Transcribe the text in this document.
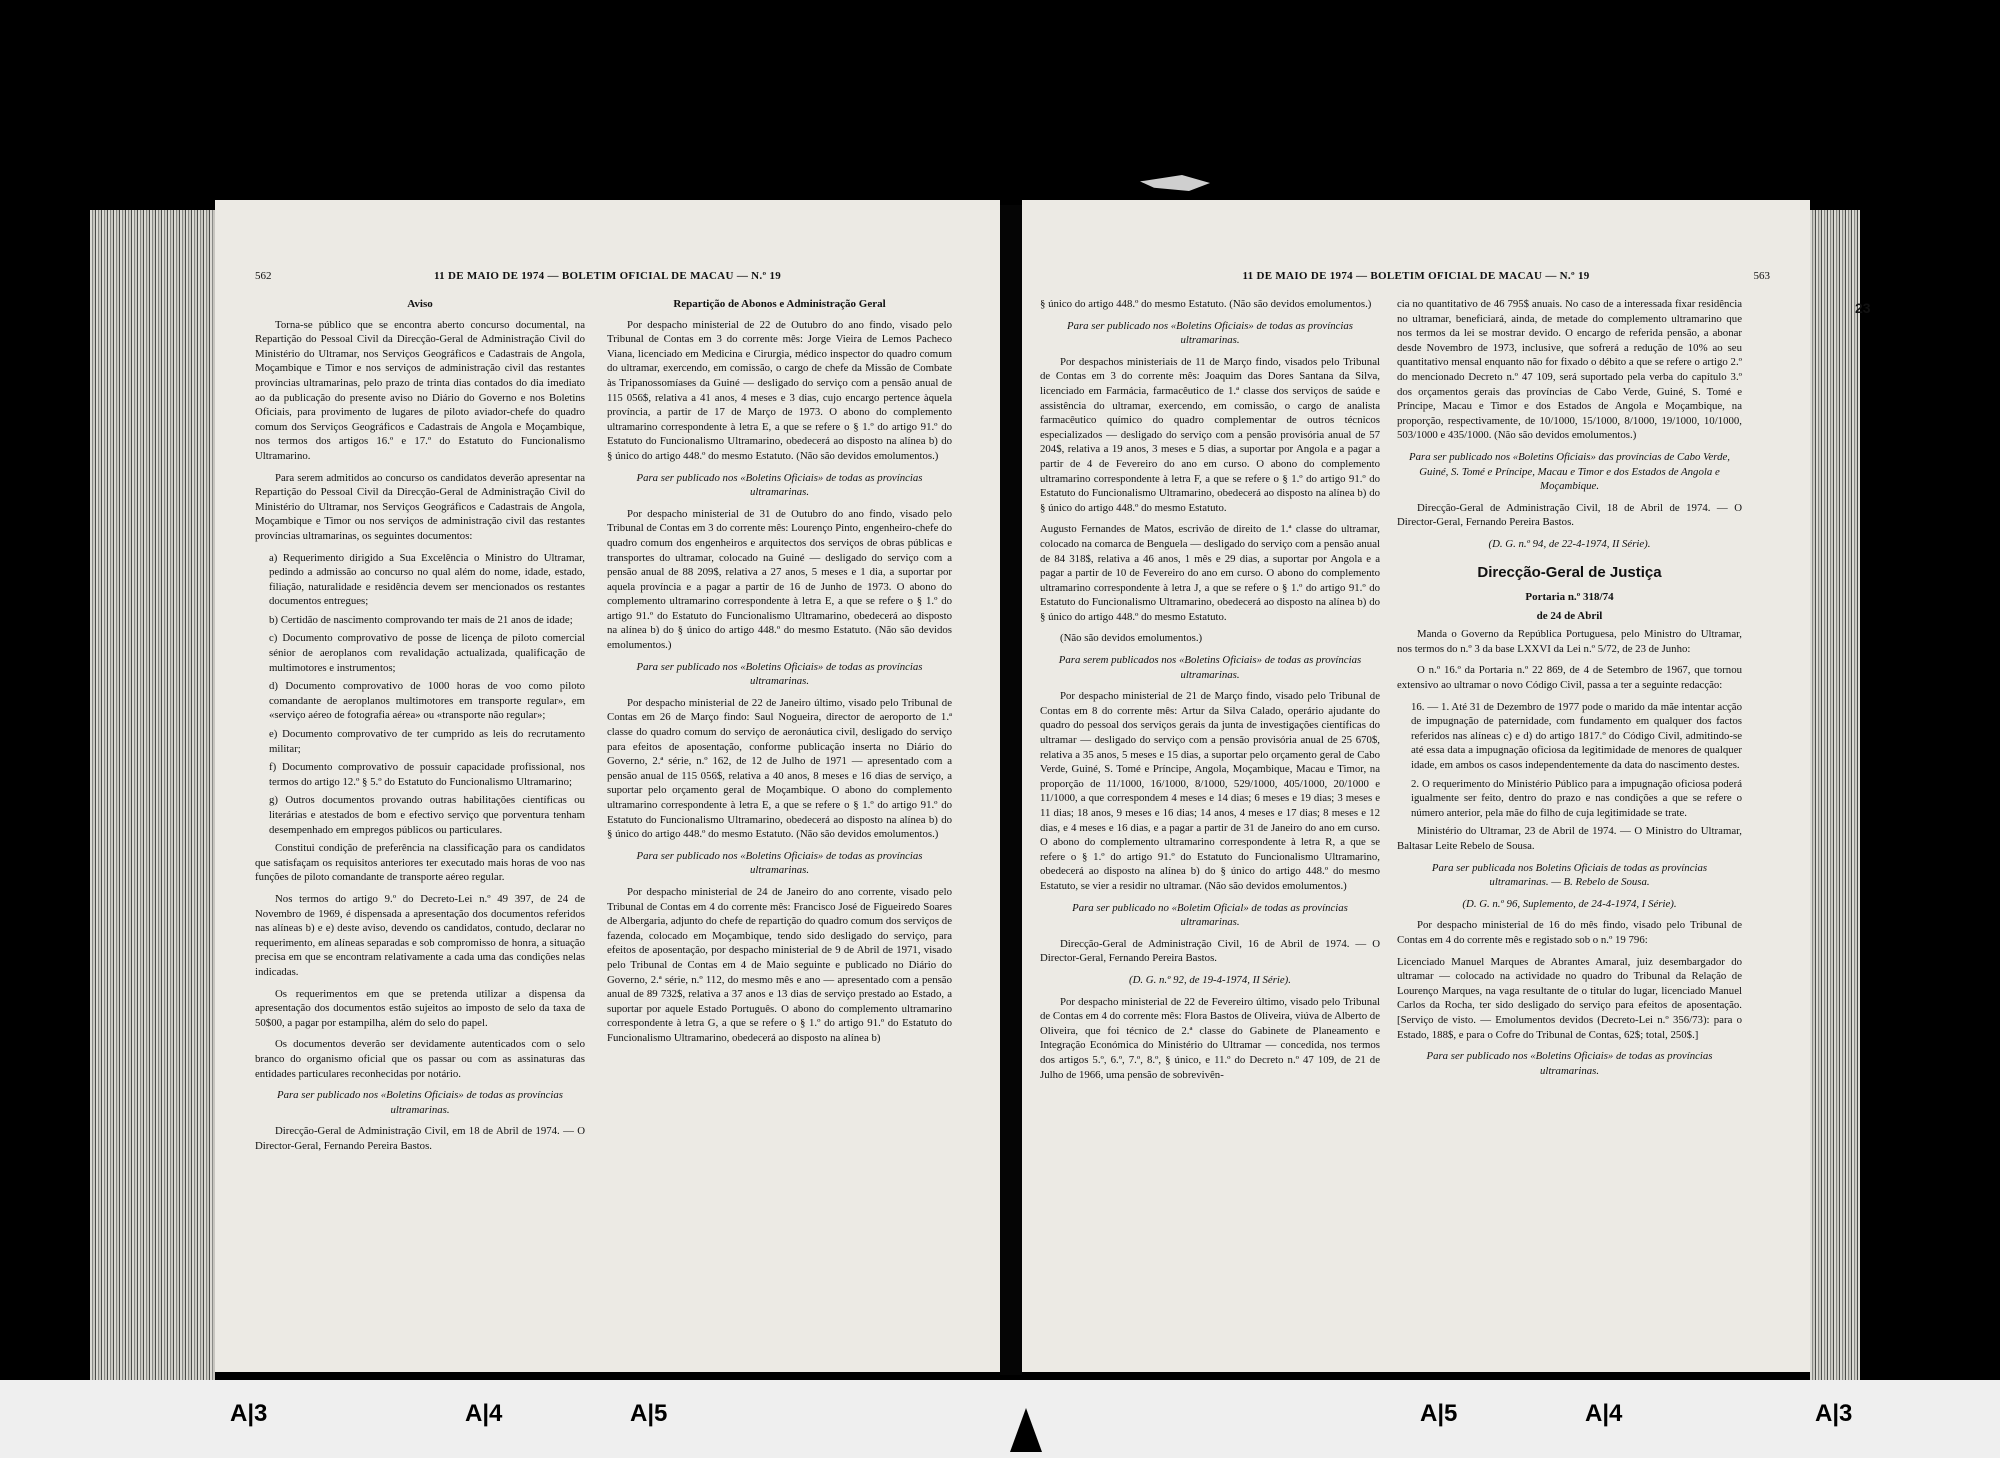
562	11 DE MAIO DE 1974 — BOLETIM OFICIAL DE MACAU — N.º 19
Aviso

Torna-se público que se encontra aberto concurso documental, na Repartição do Pessoal Civil da Direcção-Geral de Administração Civil do Ministério do Ultramar, nos Serviços Geográficos e Cadastrais de Angola, Moçambique e Timor e nos serviços de administração civil das restantes províncias ultramarinas, pelo prazo de trinta dias contados do dia imediato ao da publicação do presente aviso no Diário do Governo e nos Boletins Oficiais, para provimento de lugares de piloto aviador-chefe do quadro comum dos Serviços Geográficos e Cadastrais de Angola e Moçambique, nos termos dos artigos 16.º e 17.º do Estatuto do Funcionalismo Ultramarino.

Para serem admitidos ao concurso os candidatos deverão apresentar na Repartição do Pessoal Civil da Direcção-Geral de Administração Civil do Ministério do Ultramar, nos Serviços Geográficos e Cadastrais de Angola, Moçambique e Timor ou nos serviços de administração civil das restantes províncias ultramarinas, os seguintes documentos:

a) Requerimento dirigido a Sua Excelência o Ministro do Ultramar, pedindo a admissão ao concurso no qual além do nome, idade, estado, filiação, naturalidade e residência devem ser mencionados os restantes documentos entregues;

b) Certidão de nascimento comprovando ter mais de 21 anos de idade;

c) Documento comprovativo de posse de licença de piloto comercial sénior de aeroplanos com revalidação actualizada, qualificação de multimotores e instrumentos;

d) Documento comprovativo de 1000 horas de voo como piloto comandante de aeroplanos multimotores em transporte regular», em «serviço aéreo de fotografia aérea» ou «transporte não regular»;

e) Documento comprovativo de ter cumprido as leis do recrutamento militar;

f) Documento comprovativo de possuir capacidade profissional, nos termos do artigo 12.º § 5.º do Estatuto do Funcionalismo Ultramarino;

g) Outros documentos provando outras habilitações científicas ou literárias e atestados de bom e efectivo serviço que porventura tenham desempenhado em empregos públicos ou particulares.

Constitui condição de preferência na classificação para os candidatos que satisfaçam os requisitos anteriores ter executado mais horas de voo nas funções de piloto comandante de transporte aéreo regular.

Nos termos do artigo 9.º do Decreto-Lei n.º 49 397, de 24 de Novembro de 1969, é dispensada a apresentação dos documentos referidos nas alíneas b) e e) deste aviso, devendo os candidatos, contudo, declarar no requerimento, em alíneas separadas e sob compromisso de honra, a situação precisa em que se encontram relativamente a cada uma das condições nelas indicadas.

Os requerimentos em que se pretenda utilizar a dispensa da apresentação dos documentos estão sujeitos ao imposto de selo da taxa de 50$00, a pagar por estampilha, além do selo do papel.

Os documentos deverão ser devidamente autenticados com o selo branco do organismo oficial que os passar ou com as assinaturas das entidades particulares reconhecidas por notário.

Para ser publicado nos «Boletins Oficiais» de todas as províncias ultramarinas.

Direcção-Geral de Administração Civil, em 18 de Abril de 1974. — O Director-Geral, Fernando Pereira Bastos.

Repartição de Abonos e Administração Geral

Por despacho ministerial de 22 de Outubro do ano findo, visado pelo Tribunal de Contas em 3 do corrente mês: Jorge Vieira de Lemos Pacheco Viana, licenciado em Medicina e Cirurgia, médico inspector do quadro comum do ultramar, exercendo, em comissão, o cargo de chefe da Missão de Combate às Tripanossomíases da Guiné — desligado do serviço com a pensão anual de 115 056$, relativa a 41 anos, 4 meses e 3 dias, cujo encargo pertence àquela província, a partir de 17 de Março de 1973. O abono do complemento ultramarino correspondente à letra E, a que se refere o § 1.º do artigo 91.º do Estatuto do Funcionalismo Ultramarino, obedecerá ao disposto na alínea b) do § único do artigo 448.º do mesmo Estatuto. (Não são devidos emolumentos.)

Para ser publicado nos «Boletins Oficiais» de todas as províncias ultramarinas.

Por despacho ministerial de 31 de Outubro do ano findo, visado pelo Tribunal de Contas em 3 do corrente mês: Lourenço Pinto, engenheiro-chefe do quadro comum dos engenheiros e arquitectos dos serviços de obras públicas e transportes do ultramar, colocado na Guiné — desligado do serviço com a pensão anual de 88 209$, relativa a 27 anos, 5 meses e 1 dia, a suportar por aquela província e a pagar a partir de 16 de Junho de 1973. O abono do complemento ultramarino correspondente à letra E, a que se refere o § 1.º do artigo 91.º do Estatuto do Funcionalismo Ultramarino, obedecerá ao disposto na alínea b) do § único do artigo 448.º do mesmo Estatuto. (Não são devidos emolumentos.)

Para ser publicado nos «Boletins Oficiais» de todas as províncias ultramarinas.

Por despacho ministerial de 22 de Janeiro último, visado pelo Tribunal de Contas em 26 de Março findo: Saul Nogueira, director de aeroporto de 1.ª classe do quadro comum do serviço de aeronáutica civil, desligado do serviço para efeitos de aposentação, conforme publicação inserta no Diário do Governo, 2.ª série, n.º 162, de 12 de Julho de 1971 — apresentado com a pensão anual de 115 056$, relativa a 40 anos, 8 meses e 16 dias de serviço, a suportar pelo orçamento geral de Moçambique. O abono do complemento ultramarino correspondente à letra E, a que se refere o § 1.º do artigo 91.º do Estatuto do Funcionalismo Ultramarino, obedecerá ao disposto na alínea b) do § único do artigo 448.º do mesmo Estatuto. (Não são devidos emolumentos.)

Para ser publicado nos «Boletins Oficiais» de todas as províncias ultramarinas.

Por despacho ministerial de 24 de Janeiro do ano corrente, visado pelo Tribunal de Contas em 4 do corrente mês: Francisco José de Figueiredo Soares de Albergaria, adjunto do chefe de repartição do quadro comum dos serviços de fazenda, colocado em Moçambique, tendo sido desligado do serviço, para efeitos de aposentação, por despacho ministerial de 9 de Abril de 1971, visado pelo Tribunal de Contas em 4 de Maio seguinte e publicado no Diário do Governo, 2.ª série, n.º 112, do mesmo mês e ano — apresentado com a pensão anual de 89 732$, relativa a 37 anos e 13 dias de serviço prestado ao Estado, a suportar por aquele Estado Português. O abono do complemento ultramarino correspondente à letra G, a que se refere o § 1.º do artigo 91.º do Estatuto do Funcionalismo Ultramarino, obedecerá ao disposto na alínea b)

11 DE MAIO DE 1974 — BOLETIM OFICIAL DE MACAU — N.º 19	563

§ único do artigo 448.º do mesmo Estatuto. (Não são devidos emolumentos.)

Para ser publicado nos «Boletins Oficiais» de todas as províncias ultramarinas.

Por despachos ministeriais de 11 de Março findo, visados pelo Tribunal de Contas em 3 do corrente mês: Joaquim das Dores Santana da Silva, licenciado em Farmácia, farmacêutico de 1.ª classe dos serviços de saúde e assistência do ultramar, exercendo, em comissão, o cargo de analista farmacêutico químico do quadro complementar de outros técnicos especializados — desligado do serviço com a pensão provisória anual de 57 204$, relativa a 19 anos, 3 meses e 5 dias, a suportar por Angola e a pagar a partir de 4 de Fevereiro do ano em curso. O abono do complemento ultramarino correspondente à letra F, a que se refere o § 1.º do artigo 91.º do Estatuto do Funcionalismo Ultramarino, obedecerá ao disposto na alínea b) do § único do artigo 448.º do mesmo Estatuto.

Augusto Fernandes de Matos, escrivão de direito de 1.ª classe do ultramar, colocado na comarca de Benguela — desligado do serviço com a pensão anual de 84 318$, relativa a 46 anos, 1 mês e 29 dias, a suportar por Angola e a pagar a partir de 10 de Fevereiro do ano em curso. O abono do complemento ultramarino correspondente à letra J, a que se refere o § 1.º do artigo 91.º do Estatuto do Funcionalismo Ultramarino, obedecerá ao disposto na alínea b) do § único do artigo 448.º do mesmo Estatuto.

(Não são devidos emolumentos.)

Para serem publicados nos «Boletins Oficiais» de todas as províncias ultramarinas.

Por despacho ministerial de 21 de Março findo, visado pelo Tribunal de Contas em 8 do corrente mês: Artur da Silva Calado, operário ajudante do quadro do pessoal dos serviços gerais da junta de investigações científicas do ultramar — desligado do serviço com a pensão provisória anual de 25 670$, relativa a 35 anos, 5 meses e 15 dias, a suportar pelo orçamento geral de Cabo Verde, Guiné, S. Tomé e Príncipe, Angola, Moçambique, Macau e Timor, na proporção de 11/1000, 16/1000, 8/1000, 529/1000, 405/1000, 20/1000 e 11/1000, a que correspondem 4 meses e 14 dias; 6 meses e 19 dias; 3 meses e 11 dias; 18 anos, 9 meses e 16 dias; 14 anos, 4 meses e 17 dias; 8 meses e 12 dias, e 4 meses e 16 dias, e a pagar a partir de 31 de Janeiro do ano em curso. O abono do complemento ultramarino correspondente à letra R, a que se refere o § 1.º do artigo 91.º do Estatuto do Funcionalismo Ultramarino, obedecerá ao disposto na alínea b) do § único do artigo 448.º do mesmo Estatuto, se vier a residir no ultramar. (Não são devidos emolumentos.)

Para ser publicado no «Boletim Oficial» de todas as províncias ultramarinas.

Direcção-Geral de Administração Civil, 16 de Abril de 1974. — O Director-Geral, Fernando Pereira Bastos.

(D. G. n.º 92, de 19-4-1974, II Série).

Por despacho ministerial de 22 de Fevereiro último, visado pelo Tribunal de Contas em 4 do corrente mês: Flora Bastos de Oliveira, viúva de Alberto de Oliveira, que foi técnico de 2.ª classe do Gabinete de Planeamento e Integração Económica do Ministério do Ultramar — concedida, nos termos dos artigos 5.º, 6.º, 7.º, 8.º, § único, e 11.º do Decreto n.º 47 109, de 21 de Julho de 1966, uma pensão de sobrevivên-

cia no quantitativo de 46 795$ anuais. No caso de a interessada fixar residência no ultramar, beneficiará, ainda, de metade do complemento ultramarino que nos termos da lei se mostrar devido. O encargo de referida pensão, a abonar desde Novembro de 1973, inclusive, que sofrerá a redução de 10% ao seu quantitativo mensal enquanto não for fixado o débito a que se refere o artigo 2.º do mencionado Decreto n.º 47 109, será suportado pela verba do capítulo 3.º dos orçamentos gerais das províncias de Cabo Verde, Guiné, S. Tomé e Príncipe, Macau e Timor e dos Estados de Angola e Moçambique, na proporção, respectivamente, de 10/1000, 15/1000, 8/1000, 19/1000, 10/1000, 503/1000 e 435/1000. (Não são devidos emolumentos.)

Para ser publicado nos «Boletins Oficiais» das províncias de Cabo Verde, Guiné, S. Tomé e Príncipe, Macau e Timor e dos Estados de Angola e Moçambique.

Direcção-Geral de Administração Civil, 18 de Abril de 1974. — O Director-Geral, Fernando Pereira Bastos.

(D. G. n.º 94, de 22-4-1974, II Série).

Direcção-Geral de Justiça
Portaria n.º 318/74
de 24 de Abril

Manda o Governo da República Portuguesa, pelo Ministro do Ultramar, nos termos do n.º 3 da base LXXVI da Lei n.º 5/72, de 23 de Junho:

O n.º 16.º da Portaria n.º 22 869, de 4 de Setembro de 1967, que tornou extensivo ao ultramar o novo Código Civil, passa a ter a seguinte redacção:

16. — 1. Até 31 de Dezembro de 1977 pode o marido da mãe intentar acção de impugnação de paternidade, com fundamento em qualquer dos factos referidos nas alíneas c) e d) do artigo 1817.º do Código Civil, admitindo-se até essa data a impugnação oficiosa da legitimidade de menores de qualquer idade, em ambos os casos independentemente da data do nascimento destes.

2. O requerimento do Ministério Público para a impugnação oficiosa poderá igualmente ser feito, dentro do prazo e nas condições a que se refere o número anterior, pela mãe do filho de cuja legitimidade se trate.

Ministério do Ultramar, 23 de Abril de 1974. — O Ministro do Ultramar, Baltasar Leite Rebelo de Sousa.

Para ser publicada nos Boletins Oficiais de todas as províncias ultramarinas. — B. Rebelo de Sousa.

(D. G. n.º 96, Suplemento, de 24-4-1974, I Série).

Por despacho ministerial de 16 do mês findo, visado pelo Tribunal de Contas em 4 do corrente mês e registado sob o n.º 19 796:

Licenciado Manuel Marques de Abrantes Amaral, juiz desembargador do ultramar — colocado na actividade no quadro do Tribunal da Relação de Lourenço Marques, na vaga resultante de o titular do lugar, licenciado Manuel Carlos da Rocha, ter sido desligado do serviço para efeitos de aposentação. [Serviço de visto. — Emolumentos devidos (Decreto-Lei n.º 356/73): para o Estado, 188$, e para o Cofre do Tribunal de Contas, 62$; total, 250$.]

Para ser publicado nos «Boletins Oficiais» de todas as províncias ultramarinas.

23
A|3	A|4	A|5	A|5	A|4	A|3
